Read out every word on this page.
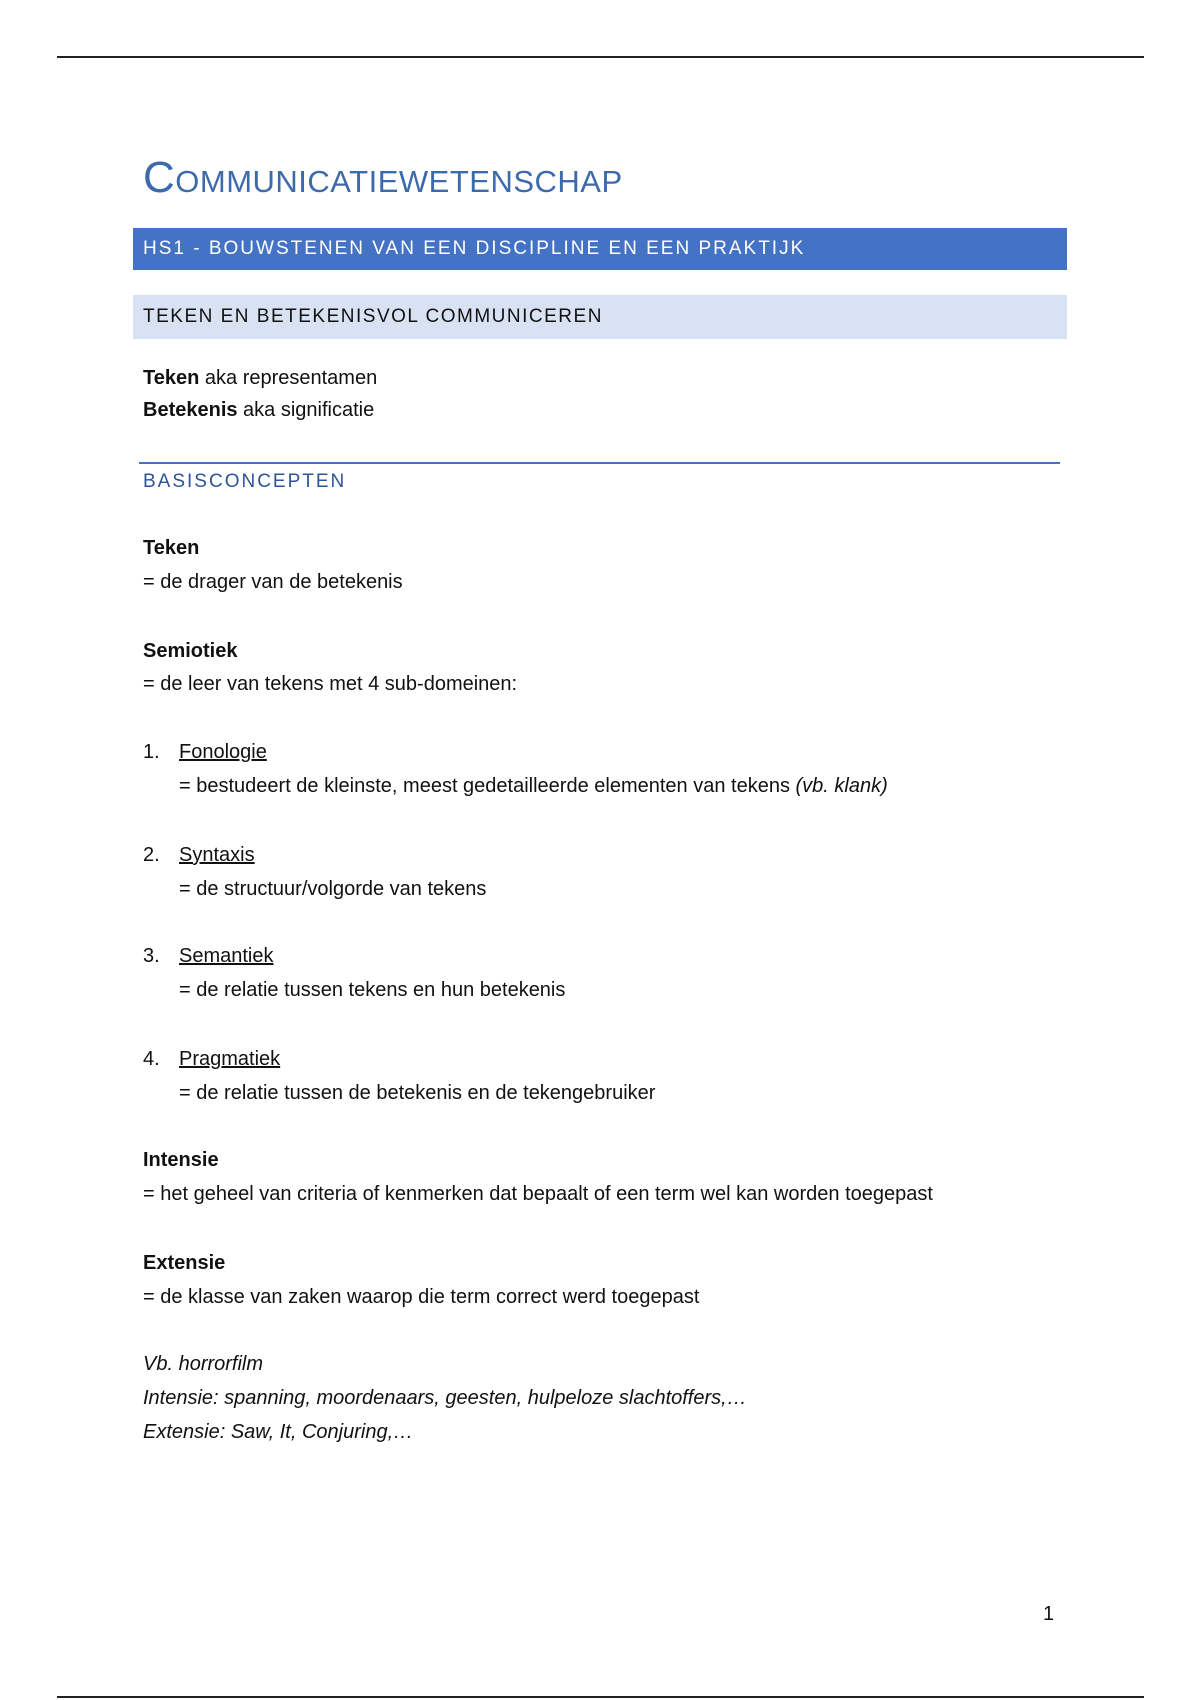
Communicatiewetenschap
HS1 - BOUWSTENEN VAN EEN DISCIPLINE EN EEN PRAKTIJK
TEKEN EN BETEKENISVOL COMMUNICEREN
Teken aka representamen
Betekenis aka significatie
BASISCONCEPTEN
Teken
= de drager van de betekenis
Semiotiek
= de leer van tekens met 4 sub-domeinen:
1. Fonologie
= bestudeert de kleinste, meest gedetailleerde elementen van tekens (vb. klank)
2. Syntaxis
= de structuur/volgorde van tekens
3. Semantiek
= de relatie tussen tekens en hun betekenis
4. Pragmatiek
= de relatie tussen de betekenis en de tekengebruiker
Intensie
= het geheel van criteria of kenmerken dat bepaalt of een term wel kan worden toegepast
Extensie
= de klasse van zaken waarop die term correct werd toegepast
Vb. horrorfilm
Intensie: spanning, moordenaars, geesten, hulpeloze slachtoffers,…
Extensie: Saw, It, Conjuring,…
1
